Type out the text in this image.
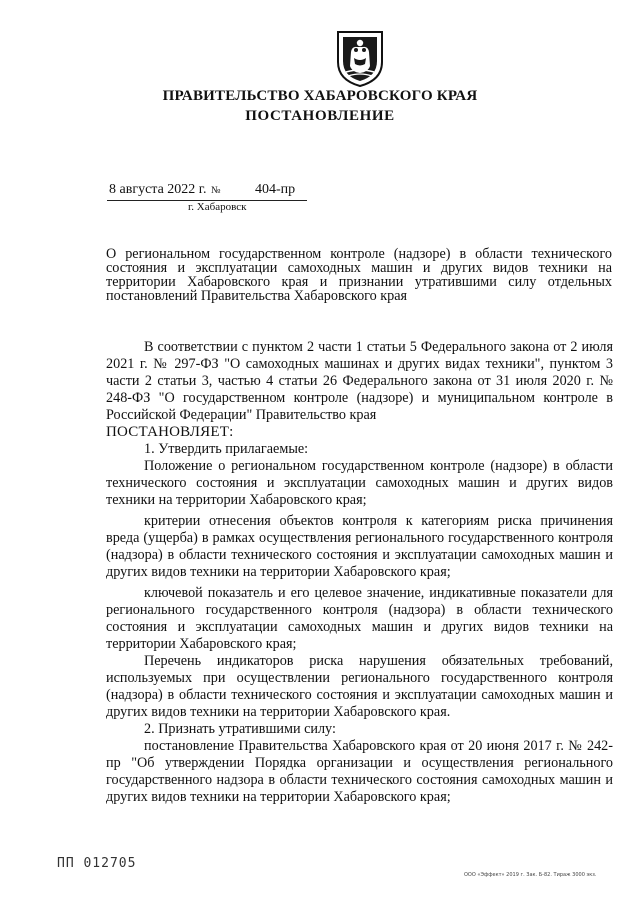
ПРАВИТЕЛЬСТВО ХАБАРОВСКОГО КРАЯ
ПОСТАНОВЛЕНИЕ
8 августа 2022 г. № 404-пр
г. Хабаровск
О региональном государственном контроле (надзоре) в области технического состояния и эксплуатации самоходных машин и других видов техники на территории Хабаровского края и признании утратившими силу отдельных постановлений Правительства Хабаровского края

В соответствии с пунктом 2 части 1 статьи 5 Федерального закона от 2 июля 2021 г. № 297-ФЗ "О самоходных машинах и других видах техники", пунктом 3 части 2 статьи 3, частью 4 статьи 26 Федерального закона от 31 июля 2020 г. № 248-ФЗ "О государственном контроле (надзоре) и муниципальном контроле в Российской Федерации" Правительство края

ПОСТАНОВЛЯЕТ:

1. Утвердить прилагаемые:

Положение о региональном государственном контроле (надзоре) в области технического состояния и эксплуатации самоходных машин и других видов техники на территории Хабаровского края;

критерии отнесения объектов контроля к категориям риска причинения вреда (ущерба) в рамках осуществления регионального государственного контроля (надзора) в области технического состояния и эксплуатации самоходных машин и других видов техники на территории Хабаровского края;

ключевой показатель и его целевое значение, индикативные показатели для регионального государственного контроля (надзора) в области технического состояния и эксплуатации самоходных машин и других видов техники на территории Хабаровского края;

Перечень индикаторов риска нарушения обязательных требований, используемых при осуществлении регионального государственного контроля (надзора) в области технического состояния и эксплуатации самоходных машин и других видов техники на территории Хабаровского края.

2. Признать утратившими силу:

постановление Правительства Хабаровского края от 20 июня 2017 г. № 242-пр "Об утверждении Порядка организации и осуществления регионального государственного надзора в области технического состояния самоходных машин и других видов техники на территории Хабаровского края;

ПП 012705
ООО «Эффект» 2019 г. Зак. Б-82. Тираж 3000 экз.
